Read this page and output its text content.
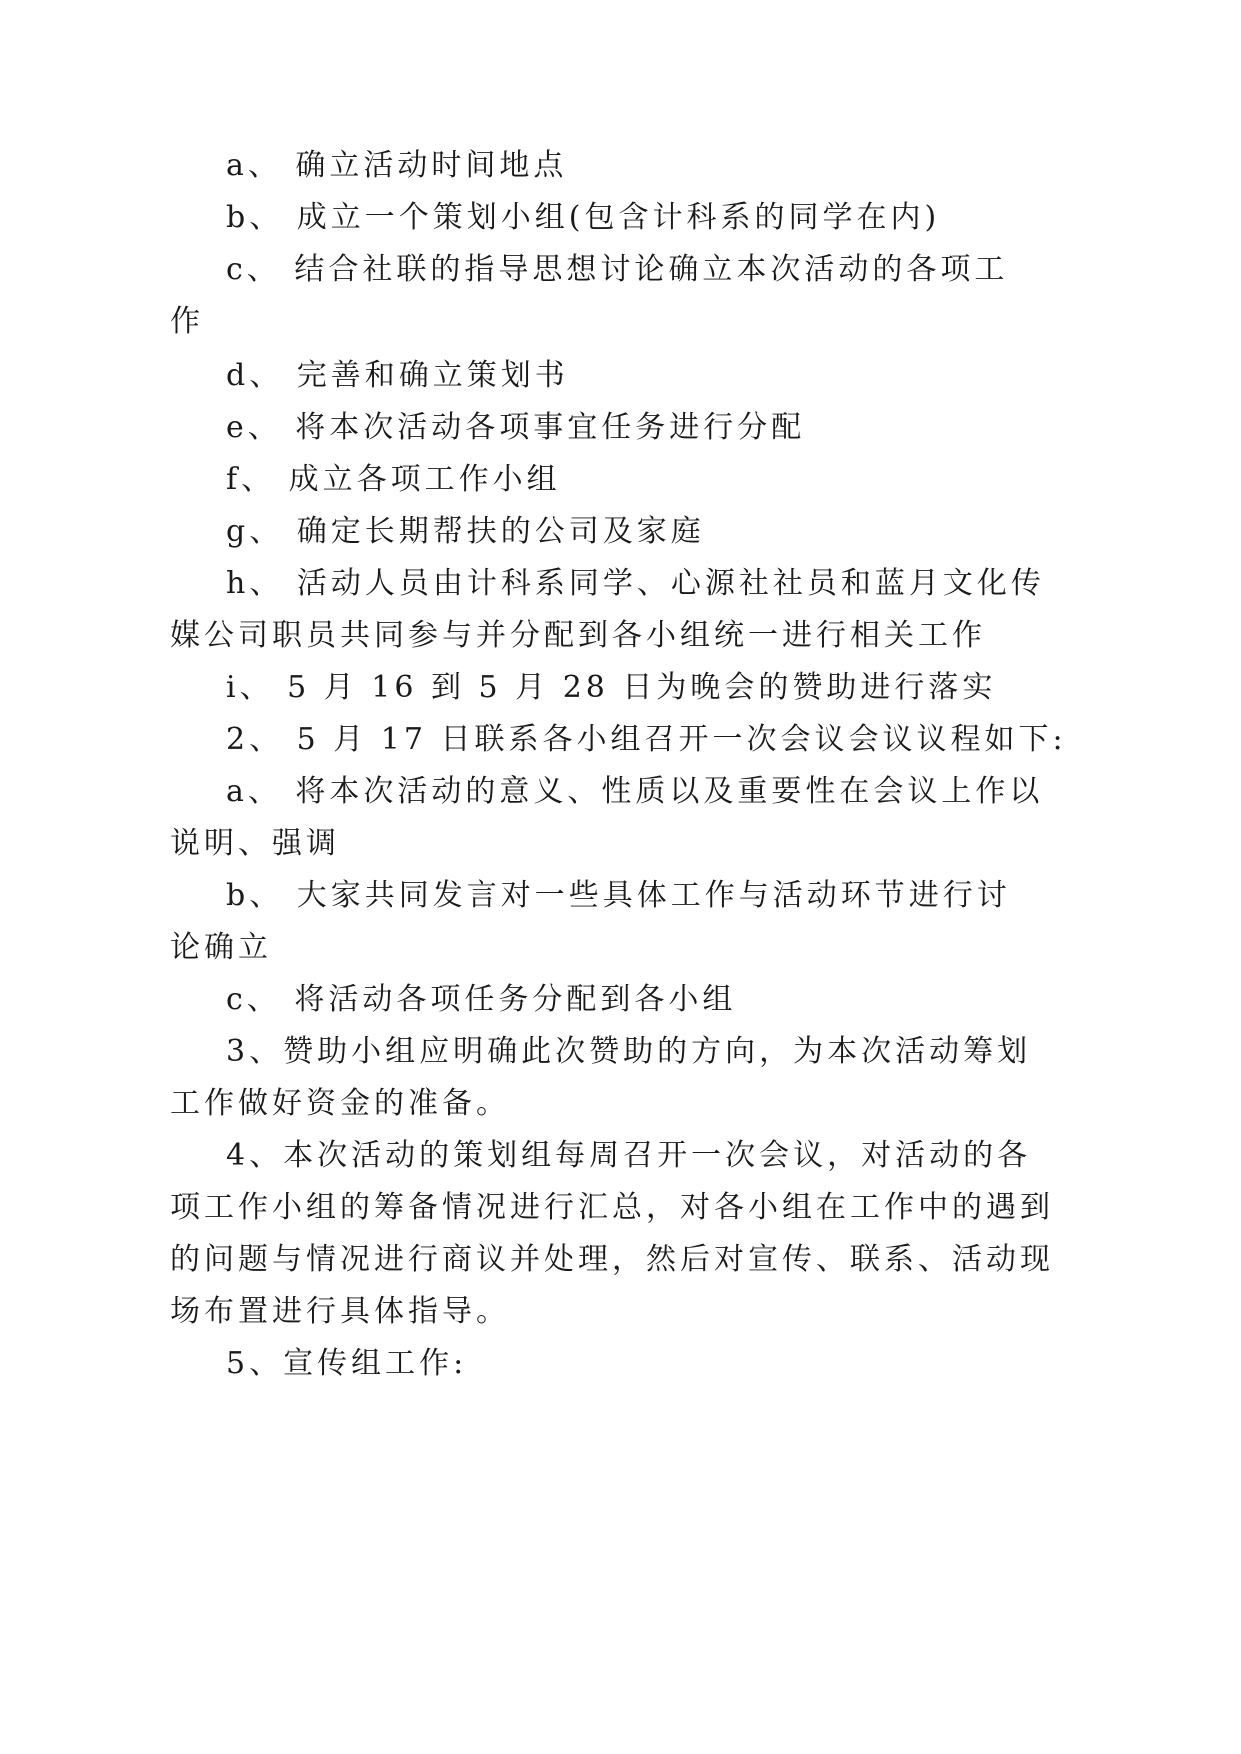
a、 确立活动时间地点
b、 成立一个策划小组(包含计科系的同学在内)
c、 结合社联的指导思想讨论确立本次活动的各项工
作
d、 完善和确立策划书
e、 将本次活动各项事宜任务进行分配
f、 成立各项工作小组
g、 确定长期帮扶的公司及家庭
h、 活动人员由计科系同学、心源社社员和蓝月文化传
媒公司职员共同参与并分配到各小组统一进行相关工作
i、 5 月 16 到 5 月 28 日为晚会的赞助进行落实
2、 5 月 17 日联系各小组召开一次会议会议议程如下:
a、 将本次活动的意义、性质以及重要性在会议上作以
说明、强调
b、 大家共同发言对一些具体工作与活动环节进行讨
论确立
c、 将活动各项任务分配到各小组
3、赞助小组应明确此次赞助的方向，为本次活动筹划
工作做好资金的准备。
4、本次活动的策划组每周召开一次会议，对活动的各
项工作小组的筹备情况进行汇总，对各小组在工作中的遇到
的问题与情况进行商议并处理，然后对宣传、联系、活动现
场布置进行具体指导。
5、宣传组工作:
